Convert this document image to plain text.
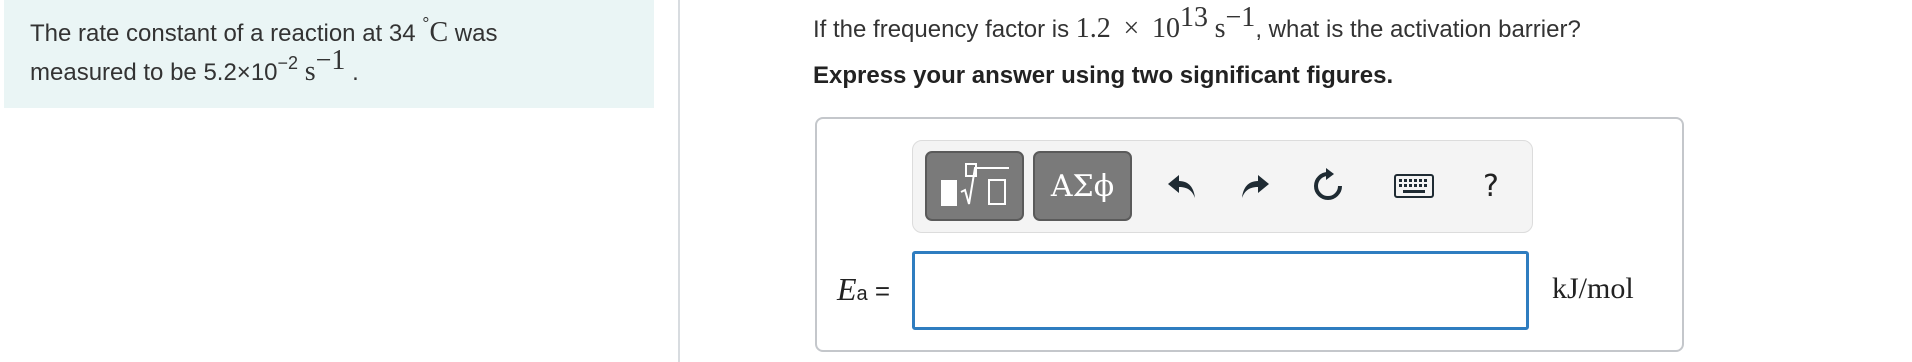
The rate constant of a reaction at 34 °C was
measured to be $5.2\times 10^{-2}$ $s^{-1}$ .
If the frequency factor is $1.2 \times 10^{13}$ $s^{-1}$, what is the activation barrier?
Express your answer using two significant figures.
ΑΣϕ	?
Ea =	kJ/mol
